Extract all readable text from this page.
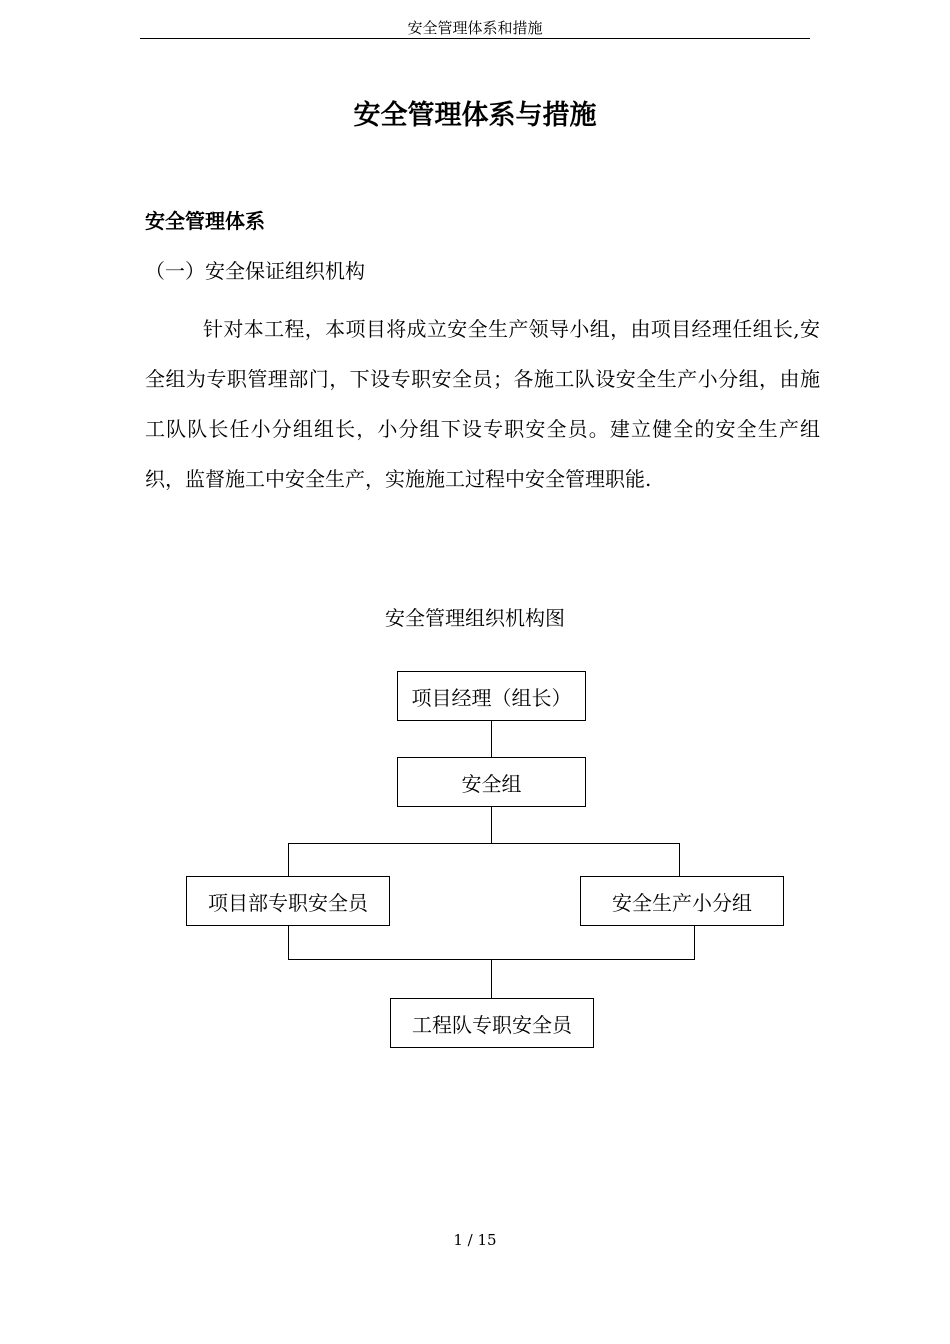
安全管理体系和措施
安全管理体系与措施
安全管理体系
（一）安全保证组织机构

针对本工程，本项目将成立安全生产领导小组，由项目经理任组长,安全组为专职管理部门，下设专职安全员；各施工队设安全生产小分组，由施工队队长任小分组组长，小分组下设专职安全员。建立健全的安全生产组织，监督施工中安全生产，实施施工过程中安全管理职能.

安全管理组织机构图
项目经理（组长）
安全组
项目部专职安全员	安全生产小分组
工程队专职安全员
1 / 15
